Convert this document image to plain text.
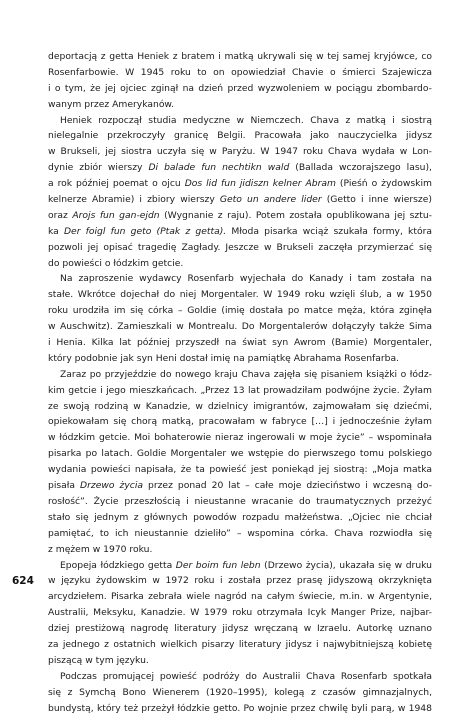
deportacją z getta Heniek z bratem i matką ukrywali się w tej samej kryjówce, co
Rosenfarbowie. W 1945 roku to on opowiedział Chavie o śmierci Szajewicza
i o tym, że jej ojciec zginął na dzień przed wyzwoleniem w pociągu zbombardo-
wanym przez Amerykanów.
Heniek rozpoczął studia medyczne w Niemczech. Chava z matką i siostrą
nielegalnie przekroczyły granicę Belgii. Pracowała jako nauczycielka jidysz
w Brukseli, jej siostra uczyła się w Paryżu. W 1947 roku Chava wydała w Lon-
dynie zbiór wierszy Di balade fun nechtikn wald (Ballada wczorajszego lasu),
a rok później poemat o ojcu Dos lid fun jidiszn kelner Abram (Pieśń o żydowskim
kelnerze Abramie) i zbiory wierszy Geto un andere lider (Getto i inne wiersze)
oraz Arojs fun gan-ejdn (Wygnanie z raju). Potem została opublikowana jej sztu-
ka Der foigl fun geto (Ptak z getta). Młoda pisarka wciąż szukała formy, która
pozwoli jej opisać tragedię Zagłady. Jeszcze w Brukseli zaczęła przymierzać się
do powieści o łódzkim getcie.
Na zaproszenie wydawcy Rosenfarb wyjechała do Kanady i tam została na
stałe. Wkrótce dojechał do niej Morgentaler. W 1949 roku wzięli ślub, a w 1950
roku urodziła im się córka – Goldie (imię dostała po matce męża, która zginęła
w Auschwitz). Zamieszkali w Montrealu. Do Morgentalerów dołączyły także Sima
i Henia. Kilka lat później przyszedł na świat syn Awrom (Bamie) Morgentaler,
który podobnie jak syn Heni dostał imię na pamiątkę Abrahama Rosenfarba.
Zaraz po przyjeździe do nowego kraju Chava zajęła się pisaniem książki o łódz-
kim getcie i jego mieszkańcach. „Przez 13 lat prowadziłam podwójne życie. Żyłam
ze swoją rodziną w Kanadzie, w dzielnicy imigrantów, zajmowałam się dziećmi,
opiekowałam się chorą matką, pracowałam w fabryce […] i jednocześnie żyłam
w łódzkim getcie. Moi bohaterowie nieraz ingerowali w moje życie” – wspominała
pisarka po latach. Goldie Morgentaler we wstępie do pierwszego tomu polskiego
wydania powieści napisała, że ta powieść jest poniekąd jej siostrą: „Moja matka
pisała Drzewo życia przez ponad 20 lat – całe moje dzieciństwo i wczesną do-
rosłość”. Życie przeszłością i nieustanne wracanie do traumatycznych przeżyć
stało się jednym z głównych powodów rozpadu małżeństwa. „Ojciec nie chciał
pamiętać, to ich nieustannie dzieliło” – wspomina córka. Chava rozwiodła się
z mężem w 1970 roku.
Epopeja łódzkiego getta Der boim fun lebn (Drzewo życia), ukazała się w druku
w języku żydowskim w 1972 roku i została przez prasę jidyszową okrzyknięta
arcydziełem. Pisarka zebrała wiele nagród na całym świecie, m.in. w Argentynie,
Australii, Meksyku, Kanadzie. W 1979 roku otrzymała Icyk Manger Prize, najbar-
dziej prestiżową nagrodę literatury jidysz wręczaną w Izraelu. Autorkę uznano
za jednego z ostatnich wielkich pisarzy literatury jidysz i najwybitniejszą kobietę
piszącą w tym języku.
Podczas promującej powieść podróży do Australii Chava Rosenfarb spotkała
się z Symchą Bono Wienerem (1920–1995), kolegą z czasów gimnazjalnych,
bundystą, który też przeżył łódzkie getto. Po wojnie przez chwilę byli parą, w 1948
624
